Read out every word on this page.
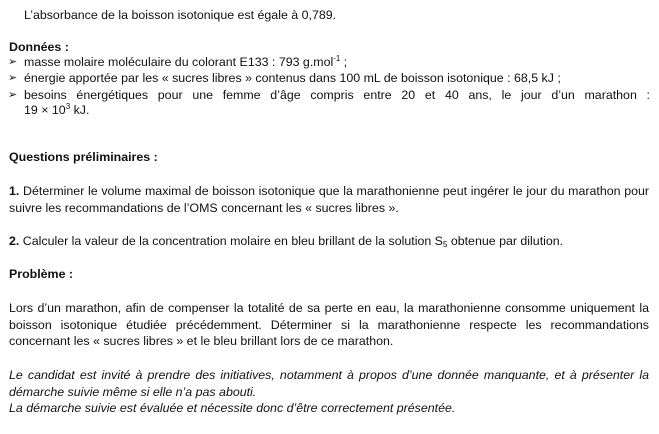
L’absorbance de la boisson isotonique est égale à 0,789.
Données :
➢ masse molaire moléculaire du colorant E133 : 793 g.mol$^{-1}$ ;
➢ énergie apportée par les « sucres libres » contenus dans 100 mL de boisson isotonique : 68,5 kJ ;
➢ besoins énergétiques pour une femme d’âge compris entre 20 et 40 ans, le jour d’un marathon :
$19 \times 10^3$ kJ.
Questions préliminaires :
1. Déterminer le volume maximal de boisson isotonique que la marathonienne peut ingérer le jour du marathon pour suivre les recommandations de l’OMS concernant les « sucres libres ».
2. Calculer la valeur de la concentration molaire en bleu brillant de la solution $S_5$ obtenue par dilution.
Problème :
Lors d’un marathon, afin de compenser la totalité de sa perte en eau, la marathonienne consomme uniquement la boisson isotonique étudiée précédemment. Déterminer si la marathonienne respecte les recommandations concernant les « sucres libres » et le bleu brillant lors de ce marathon.
Le candidat est invité à prendre des initiatives, notamment à propos d’une donnée manquante, et à présenter la démarche suivie même si elle n’a pas abouti.
La démarche suivie est évaluée et nécessite donc d’être correctement présentée.
